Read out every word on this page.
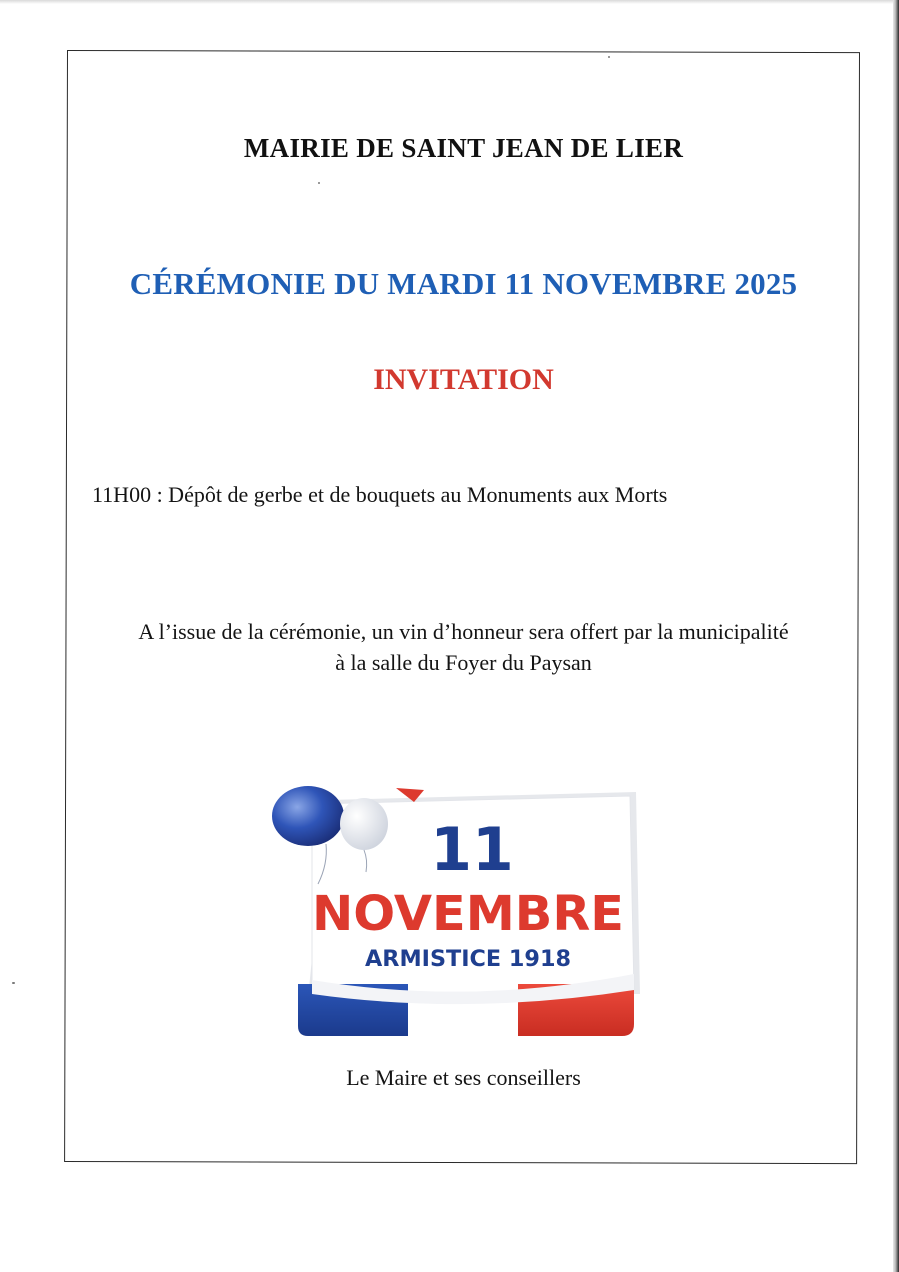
MAIRIE DE SAINT JEAN DE LIER
CÉRÉMONIE DU MARDI 11 NOVEMBRE 2025
INVITATION
11H00 : Dépôt de gerbe et de bouquets au Monuments aux Morts
A l’issue de la cérémonie, un vin d’honneur sera offert par la municipalité
à la salle du Foyer du Paysan
11
NOVEMBRE
ARMISTICE 1918
Le Maire et ses conseillers
